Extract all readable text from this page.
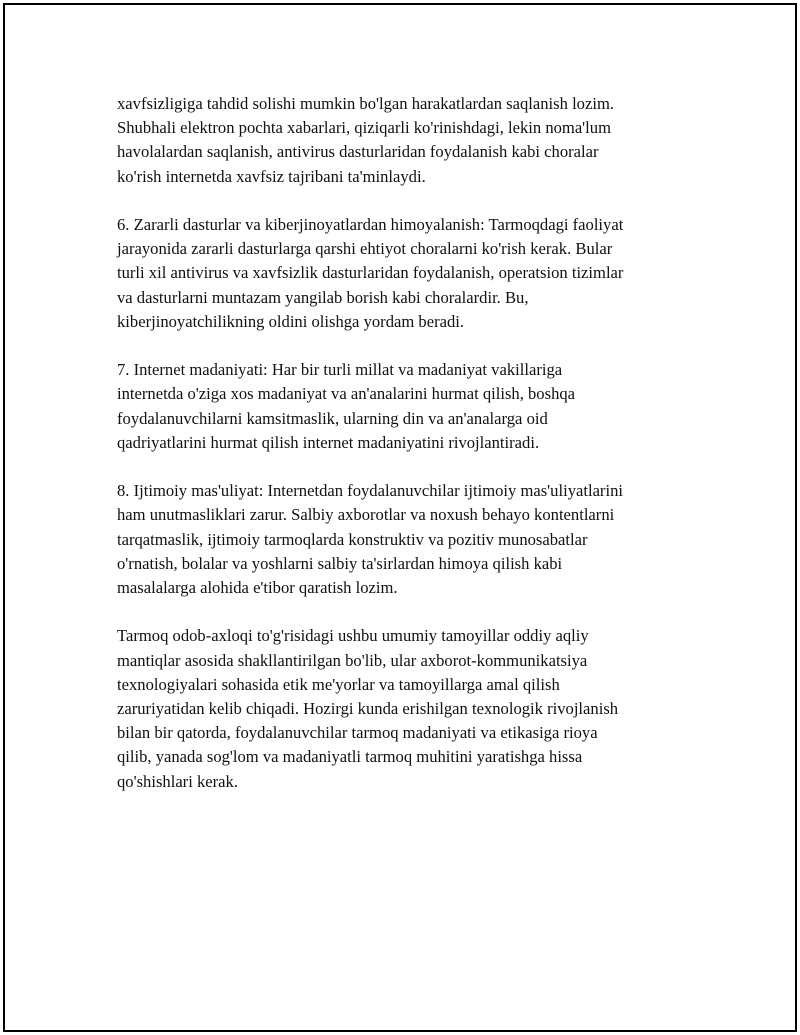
xavfsizligiga tahdid solishi mumkin bo'lgan harakatlardan saqlanish lozim.
Shubhali elektron pochta xabarlari, qiziqarli ko'rinishdagi, lekin noma'lum
havolalardan saqlanish, antivirus dasturlaridan foydalanish kabi choralar
ko'rish internetda xavfsiz tajribani ta'minlaydi.

6. Zararli dasturlar va kiberjinoyatlardan himoyalanish: Tarmoqdagi faoliyat
jarayonida zararli dasturlarga qarshi ehtiyot choralarni ko'rish kerak. Bular
turli xil antivirus va xavfsizlik dasturlaridan foydalanish, operatsion tizimlar
va dasturlarni muntazam yangilab borish kabi choralardir. Bu,
kiberjinoyatchilikning oldini olishga yordam beradi.

7. Internet madaniyati: Har bir turli millat va madaniyat vakillariga
internetda o'ziga xos madaniyat va an'analarini hurmat qilish, boshqa
foydalanuvchilarni kamsitmaslik, ularning din va an'analarga oid
qadriyatlarini hurmat qilish internet madaniyatini rivojlantiradi.

8. Ijtimoiy mas'uliyat: Internetdan foydalanuvchilar ijtimoiy mas'uliyatlarini
ham unutmasliklari zarur. Salbiy axborotlar va noxush behayo kontentlarni
tarqatmaslik, ijtimoiy tarmoqlarda konstruktiv va pozitiv munosabatlar
o'rnatish, bolalar va yoshlarni salbiy ta'sirlardan himoya qilish kabi
masalalarga alohida e'tibor qaratish lozim.

Tarmoq odob-axloqi to'g'risidagi ushbu umumiy tamoyillar oddiy aqliy
mantiqlar asosida shakllantirilgan bo'lib, ular axborot-kommunikatsiya
texnologiyalari sohasida etik me'yorlar va tamoyillarga amal qilish
zaruriyatidan kelib chiqadi. Hozirgi kunda erishilgan texnologik rivojlanish
bilan bir qatorda, foydalanuvchilar tarmoq madaniyati va etikasiga rioya
qilib, yanada sog'lom va madaniyatli tarmoq muhitini yaratishga hissa
qo'shishlari kerak.
